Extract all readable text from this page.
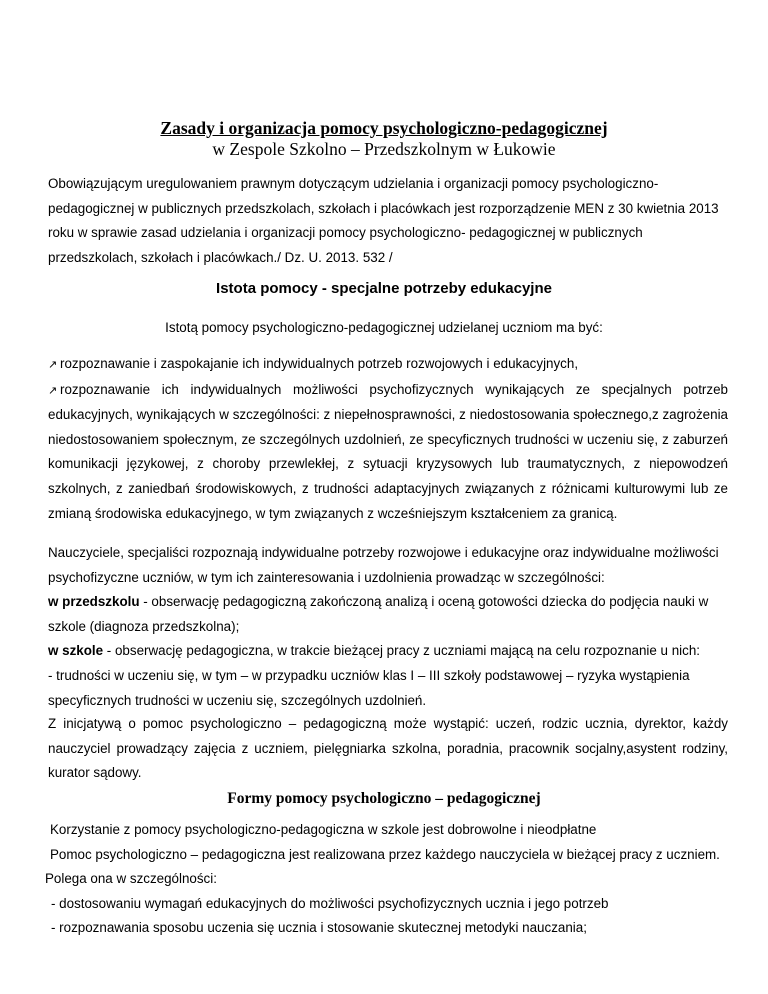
Zasady i organizacja pomocy psychologiczno-pedagogicznej

w Zespole Szkolno – Przedszkolnym w Łukowie

Obowiązującym uregulowaniem prawnym dotyczącym udzielania i organizacji pomocy psychologiczno-pedagogicznej w publicznych przedszkolach, szkołach i placówkach jest rozporządzenie MEN z 30 kwietnia 2013 roku w sprawie zasad udzielania i organizacji pomocy psychologiczno- pedagogicznej w publicznych przedszkolach, szkołach i placówkach./ Dz. U. 2013. 532 /

Istota pomocy - specjalne potrzeby edukacyjne

Istotą pomocy psychologiczno-pedagogicznej udzielanej uczniom ma być:

↗ rozpoznawanie i zaspokajanie ich indywidualnych potrzeb rozwojowych i edukacyjnych,

↗ rozpoznawanie ich indywidualnych możliwości psychofizycznych wynikających ze specjalnych potrzeb edukacyjnych, wynikających w szczególności: z niepełnosprawności, z niedostosowania społecznego,z zagrożenia niedostosowaniem społecznym, ze szczególnych uzdolnień, ze specyficznych trudności w uczeniu się, z zaburzeń komunikacji językowej, z choroby przewlekłej, z sytuacji kryzysowych lub traumatycznych, z niepowodzeń szkolnych, z zaniedbań środowiskowych, z trudności adaptacyjnych związanych z różnicami kulturowymi lub ze zmianą środowiska edukacyjnego, w tym związanych z wcześniejszym kształceniem za granicą.

Nauczyciele, specjaliści rozpoznają indywidualne potrzeby rozwojowe i edukacyjne oraz indywidualne możliwości psychofizyczne uczniów, w tym ich zainteresowania i uzdolnienia prowadząc w szczególności:
w przedszkolu - obserwację pedagogiczną zakończoną analizą i oceną gotowości dziecka do podjęcia nauki w szkole (diagnoza przedszkolna);
w szkole - obserwację pedagogiczna, w trakcie bieżącej pracy z uczniami mającą na celu rozpoznanie u nich:
- trudności w uczeniu się, w tym – w przypadku uczniów klas I – III szkoły podstawowej – ryzyka wystąpienia specyficznych trudności w uczeniu się, szczególnych uzdolnień.

Z inicjatywą o pomoc psychologiczno – pedagogiczną może wystąpić: uczeń, rodzic ucznia, dyrektor, każdy nauczyciel prowadzący zajęcia z uczniem, pielęgniarka szkolna, poradnia, pracownik socjalny,asystent rodziny, kurator sądowy.

Formy pomocy psychologiczno – pedagogicznej

Korzystanie z pomocy psychologiczno-pedagogiczna w szkole jest dobrowolne i nieodpłatne

Pomoc psychologiczno – pedagogiczna jest realizowana przez każdego nauczyciela w bieżącej pracy z uczniem.

Polega ona w szczególności:

- dostosowaniu wymagań edukacyjnych do możliwości psychofizycznych ucznia i jego potrzeb

- rozpoznawania sposobu uczenia się ucznia i stosowanie skutecznej metodyki nauczania;
